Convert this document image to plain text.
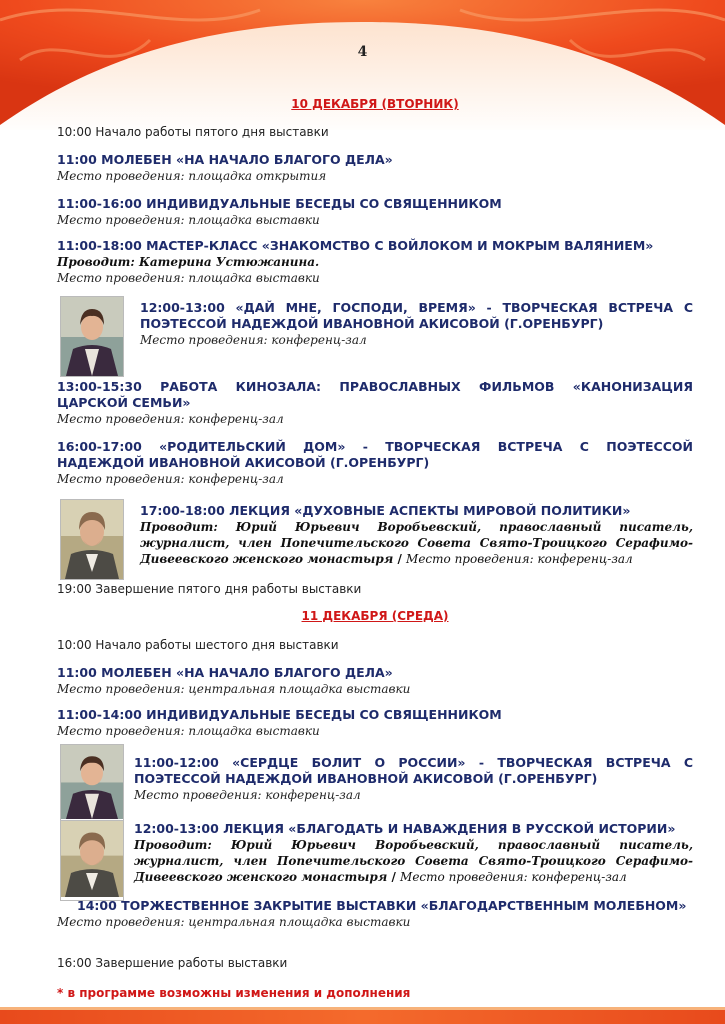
4
10 ДЕКАБРЯ (ВТОРНИК)
10:00 Начало работы пятого дня выставки
11:00 МОЛЕБЕН «НА НАЧАЛО БЛАГОГО ДЕЛА»
Место проведения: площадка открытия
11:00-16:00 ИНДИВИДУАЛЬНЫЕ БЕСЕДЫ СО СВЯЩЕННИКОМ
Место проведения: площадка выставки
11:00-18:00 МАСТЕР-КЛАСС «ЗНАКОМСТВО С ВОЙЛОКОМ И МОКРЫМ ВАЛЯНИЕМ»
Проводит: Катерина Устюжанина.
Место проведения: площадка выставки
12:00-13:00 «ДАЙ МНЕ, ГОСПОДИ, ВРЕМЯ» - ТВОРЧЕСКАЯ ВСТРЕЧА С ПОЭТЕССОЙ НАДЕЖДОЙ ИВАНОВНОЙ АКИСОВОЙ (Г.ОРЕНБУРГ)
Место проведения: конференц-зал
13:00-15:30 РАБОТА КИНОЗАЛА: ПРАВОСЛАВНЫХ ФИЛЬМОВ «КАНОНИЗАЦИЯ ЦАРСКОЙ СЕМЬИ»
Место проведения: конференц-зал
16:00-17:00 «РОДИТЕЛЬСКИЙ ДОМ» - ТВОРЧЕСКАЯ ВСТРЕЧА С ПОЭТЕССОЙ НАДЕЖДОЙ ИВАНОВНОЙ АКИСОВОЙ (Г.ОРЕНБУРГ)
Место проведения: конференц-зал
17:00-18:00 ЛЕКЦИЯ «ДУХОВНЫЕ АСПЕКТЫ МИРОВОЙ ПОЛИТИКИ»
Проводит: Юрий Юрьевич Воробьевский, православный писатель, журналист, член Попечительского Совета Свято-Троицкого Серафимо-Дивеевского женского монастыря / Место проведения: конференц-зал
19:00 Завершение пятого дня работы выставки
11 ДЕКАБРЯ (СРЕДА)
10:00 Начало работы шестого дня выставки
11:00 МОЛЕБЕН «НА НАЧАЛО БЛАГОГО ДЕЛА»
Место проведения: центральная площадка выставки
11:00-14:00 ИНДИВИДУАЛЬНЫЕ БЕСЕДЫ СО СВЯЩЕННИКОМ
Место проведения: площадка выставки
11:00-12:00 «СЕРДЦЕ БОЛИТ О РОССИИ» - ТВОРЧЕСКАЯ ВСТРЕЧА С ПОЭТЕССОЙ НАДЕЖДОЙ ИВАНОВНОЙ АКИСОВОЙ (Г.ОРЕНБУРГ)
Место проведения: конференц-зал
12:00-13:00 ЛЕКЦИЯ «БЛАГОДАТЬ И НАВАЖДЕНИЯ В РУССКОЙ ИСТОРИИ»
Проводит: Юрий Юрьевич Воробьевский, православный писатель, журналист, член Попечительского Совета Свято-Троицкого Серафимо-Дивеевского женского монастыря / Место проведения: конференц-зал
14:00 ТОРЖЕСТВЕННОЕ ЗАКРЫТИЕ ВЫСТАВКИ «БЛАГОДАРСТВЕННЫМ МОЛЕБНОМ»
Место проведения: центральная площадка выставки
16:00 Завершение работы выставки
* в программе возможны изменения и дополнения
